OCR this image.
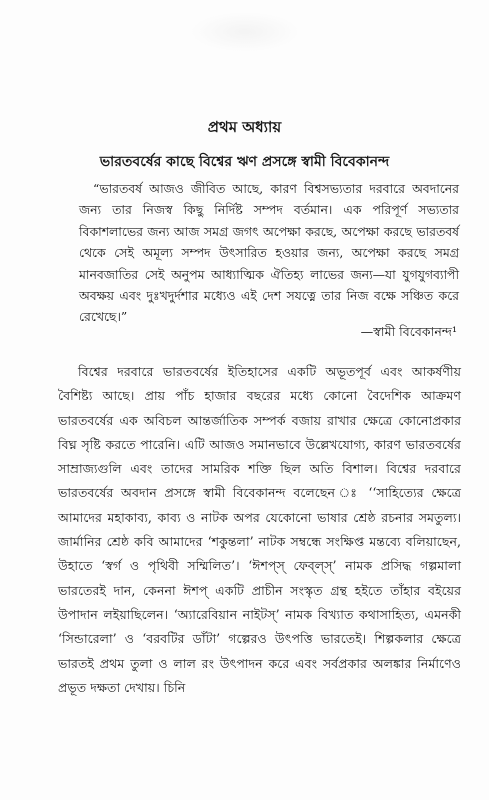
প্রথম অধ্যায়
ভারতবর্ষের কাছে বিশ্বের ঋণ প্রসঙ্গে স্বামী বিবেকানন্দ

“ভারতবর্ষ আজও জীবিত আছে, কারণ বিশ্বসভ্যতার দরবারে অবদানের জন্য তার নিজস্ব কিছু নির্দিষ্ট সম্পদ বর্তমান। এক পরিপূর্ণ সভ্যতার বিকাশলাভের জন্য আজ সমগ্র জগৎ অপেক্ষা করছে, অপেক্ষা করছে ভারতবর্ষ থেকে সেই অমূল্য সম্পদ উৎসারিত হওয়ার জন্য, অপেক্ষা করছে সমগ্র মানবজাতির সেই অনুপম আধ্যাত্মিক ঐতিহ্য লাভের জন্য—যা যুগযুগব্যাপী অবক্ষয় এবং দুঃখদুর্দশার মধ্যেও এই দেশ সযত্নে তার নিজ বক্ষে সঞ্চিত করে রেখেছে।”

—স্বামী বিবেকানন্দ¹

বিশ্বের দরবারে ভারতবর্ষের ইতিহাসের একটি অভূতপূর্ব এবং আকর্ষণীয় বৈশিষ্ট্য আছে। প্রায় পাঁচ হাজার বছরের মধ্যে কোনো বৈদেশিক আক্রমণ ভারতবর্ষের এক অবিচল আন্তর্জাতিক সম্পর্ক বজায় রাখার ক্ষেত্রে কোনোপ্রকার বিঘ্ন সৃষ্টি করতে পারেনি। এটি আজও সমানভাবে উল্লেখযোগ্য, কারণ ভারতবর্ষের সাম্রাজ্যগুলি এবং তাদের সামরিক শক্তি ছিল অতি বিশাল। বিশ্বের দরবারে ভারতবর্ষের অবদান প্রসঙ্গে স্বামী বিবেকানন্দ বলেছেন ঃ ‘‘সাহিত্যের ক্ষেত্রে আমাদের মহাকাব্য, কাব্য ও নাটক অপর যেকোনো ভাষার শ্রেষ্ঠ রচনার সমতুল্য। জার্মানির শ্রেষ্ঠ কবি আমাদের ‘শকুন্তলা’ নাটক সম্বন্ধে সংক্ষিপ্ত মন্তব্যে বলিয়াছেন, উহাতে ‘স্বর্গ ও পৃথিবী সম্মিলিত’। ‘ঈশপ্‌স্‌ ফেব্‌ল্‌স্‌’ নামক প্রসিদ্ধ গল্পমালা ভারতেরই দান, কেননা ঈশপ্‌ একটি প্রাচীন সংস্কৃত গ্রন্থ হইতে তাঁহার বইয়ের উপাদান লইয়াছিলেন। ‘অ্যারেবিয়ান নাইটস্‌’ নামক বিখ্যাত কথাসাহিত্য, এমনকী ‘সিন্ডারেলা’ ও ‘বরবটির ডাঁটা’ গল্পেরও উৎপত্তি ভারতেই। শিল্পকলার ক্ষেত্রে ভারতই প্রথম তুলা ও লাল রং উৎপাদন করে এবং সর্বপ্রকার অলঙ্কার নির্মাণেও প্রভূত দক্ষতা দেখায়। চিনি
